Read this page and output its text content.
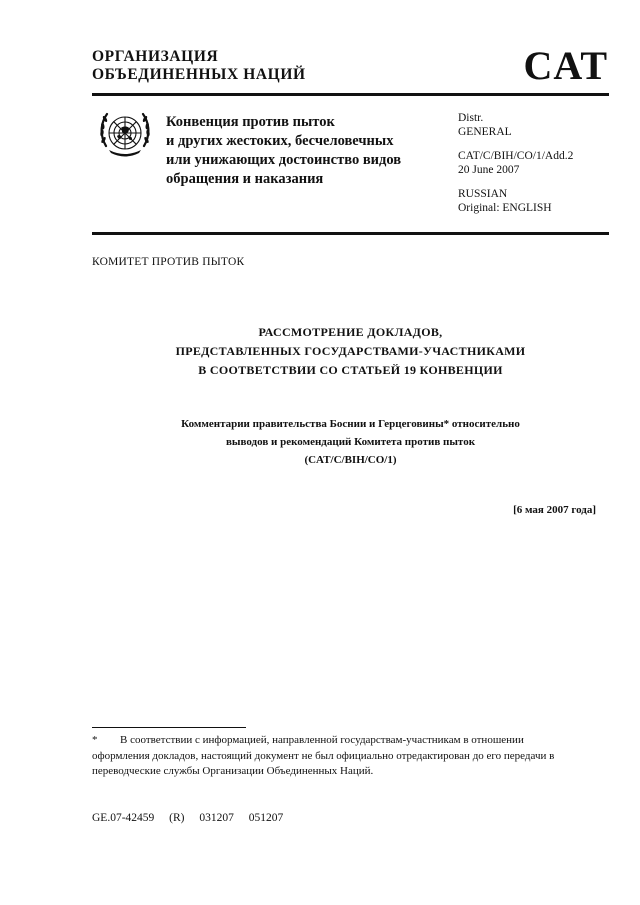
ОРГАНИЗАЦИЯ
ОБЪЕДИНЕННЫХ НАЦИЙ	CAT
Конвенция против пыток
и других жестоких, бесчеловечных
или унижающих достоинство видов
обращения и наказания
Distr.
GENERAL
CAT/C/BIH/CO/1/Add.2
20 June 2007
RUSSIAN
Original: ENGLISH
КОМИТЕТ ПРОТИВ ПЫТОК
РАССМОТРЕНИЕ ДОКЛАДОВ,
ПРЕДСТАВЛЕННЫХ ГОСУДАРСТВАМИ-УЧАСТНИКАМИ
В СООТВЕТСТВИИ СО СТАТЬЕЙ 19 КОНВЕНЦИИ
Комментарии правительства Боснии и Герцеговины* относительно
выводов и рекомендаций Комитета против пыток
(CAT/C/BIH/CO/1)
[6 мая 2007 года]
* В соответствии с информацией, направленной государствам-участникам в отношении оформления докладов, настоящий документ не был официально отредактирован до его передачи в переводческие службы Организации Объединенных Наций.
GE.07-42459 (R) 031207 051207
